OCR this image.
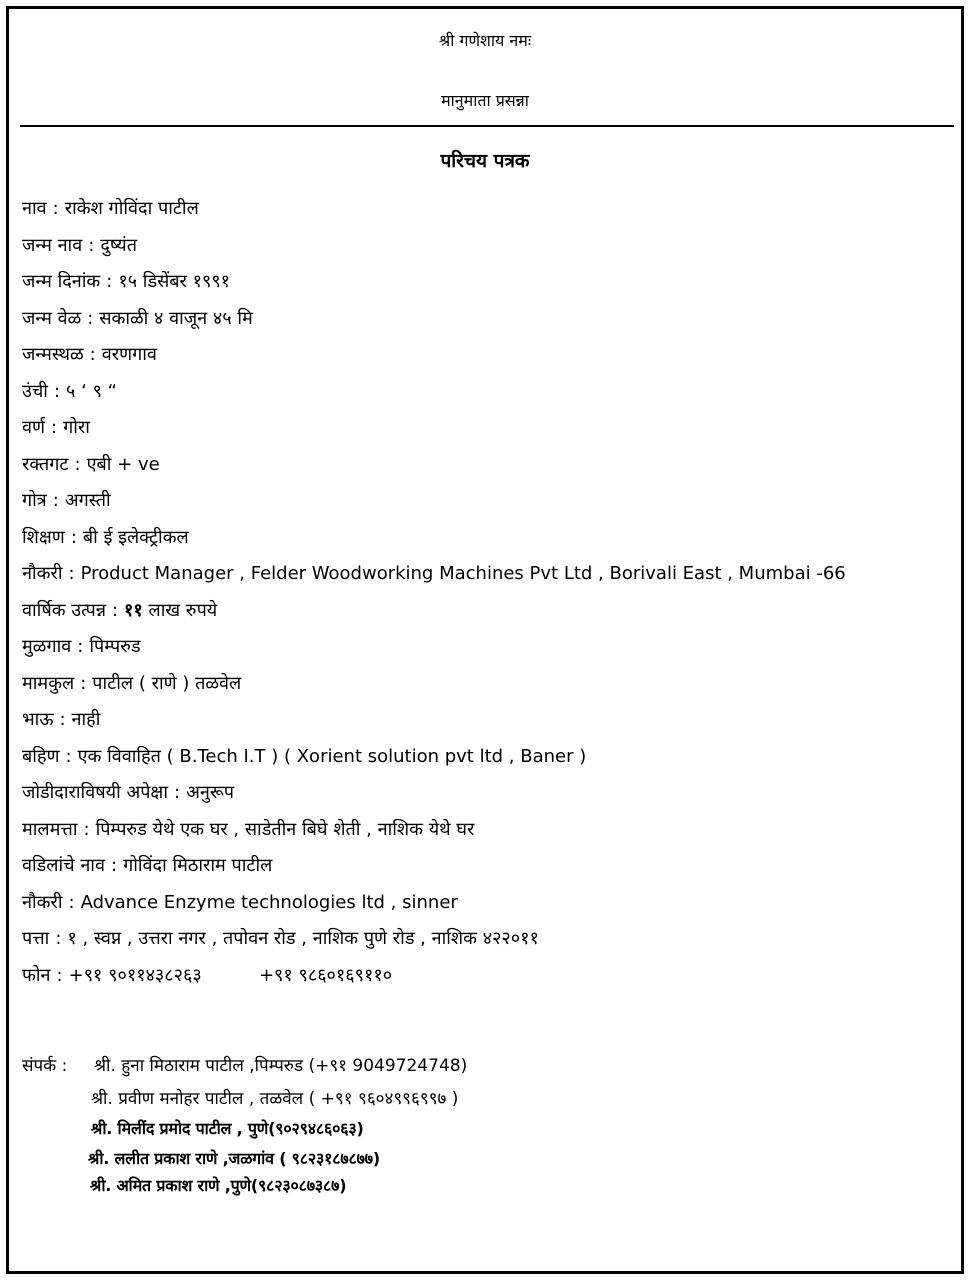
श्री गणेशाय नमः
मानुमाता प्रसन्ना
परिचय पत्रक
नाव : राकेश गोविंदा पाटील
जन्म नाव : दुष्यंत
जन्म दिनांक : १५ डिसेंबर १९९१
जन्म वेळ : सकाळी ४ वाजून ४५ मि
जन्मस्थळ : वरणगाव
उंची : ५ ‘ ९ “
वर्ण : गोरा
रक्तगट : एबी + ve
गोत्र : अगस्ती
शिक्षण : बी ई इलेक्ट्रीकल
नौकरी : Product Manager , Felder Woodworking Machines Pvt Ltd , Borivali East , Mumbai -66
वार्षिक उत्पन्न : ११ लाख रुपये
मुळगाव : पिम्परुड
मामकुल : पाटील ( राणे ) तळवेल
भाऊ : नाही
बहिण : एक विवाहित ( B.Tech I.T ) ( Xorient solution pvt ltd , Baner )
जोडीदाराविषयी अपेक्षा : अनुरूप
मालमत्ता : पिम्परुड येथे एक घर , साडेतीन बिघे शेती , नाशिक येथे घर
वडिलांचे नाव : गोविंदा मिठाराम पाटील
नौकरी : Advance Enzyme technologies ltd , sinner
पत्ता : १ , स्वप्न , उत्तरा नगर , तपोवन रोड , नाशिक पुणे रोड , नाशिक ४२२०११
फोन : +९१ ९०११४३८२६३          +९१ ९८६०१६९११०
संपर्क : श्री. हुना मिठाराम पाटील ,पिम्परुड (+९१ 9049724748)
श्री. प्रवीण मनोहर पाटील , तळवेल ( +९१ ९६०४९९६९९७ )
श्री. मिलींद प्रमोद पाटील , पुणे(९०२९४८६०६३)
श्री. ललीत प्रकाश राणे ,जळगांव ( ९८२३१८७८७७)
श्री. अमित प्रकाश राणे ,पुणे(९८२३०८७३८७)
